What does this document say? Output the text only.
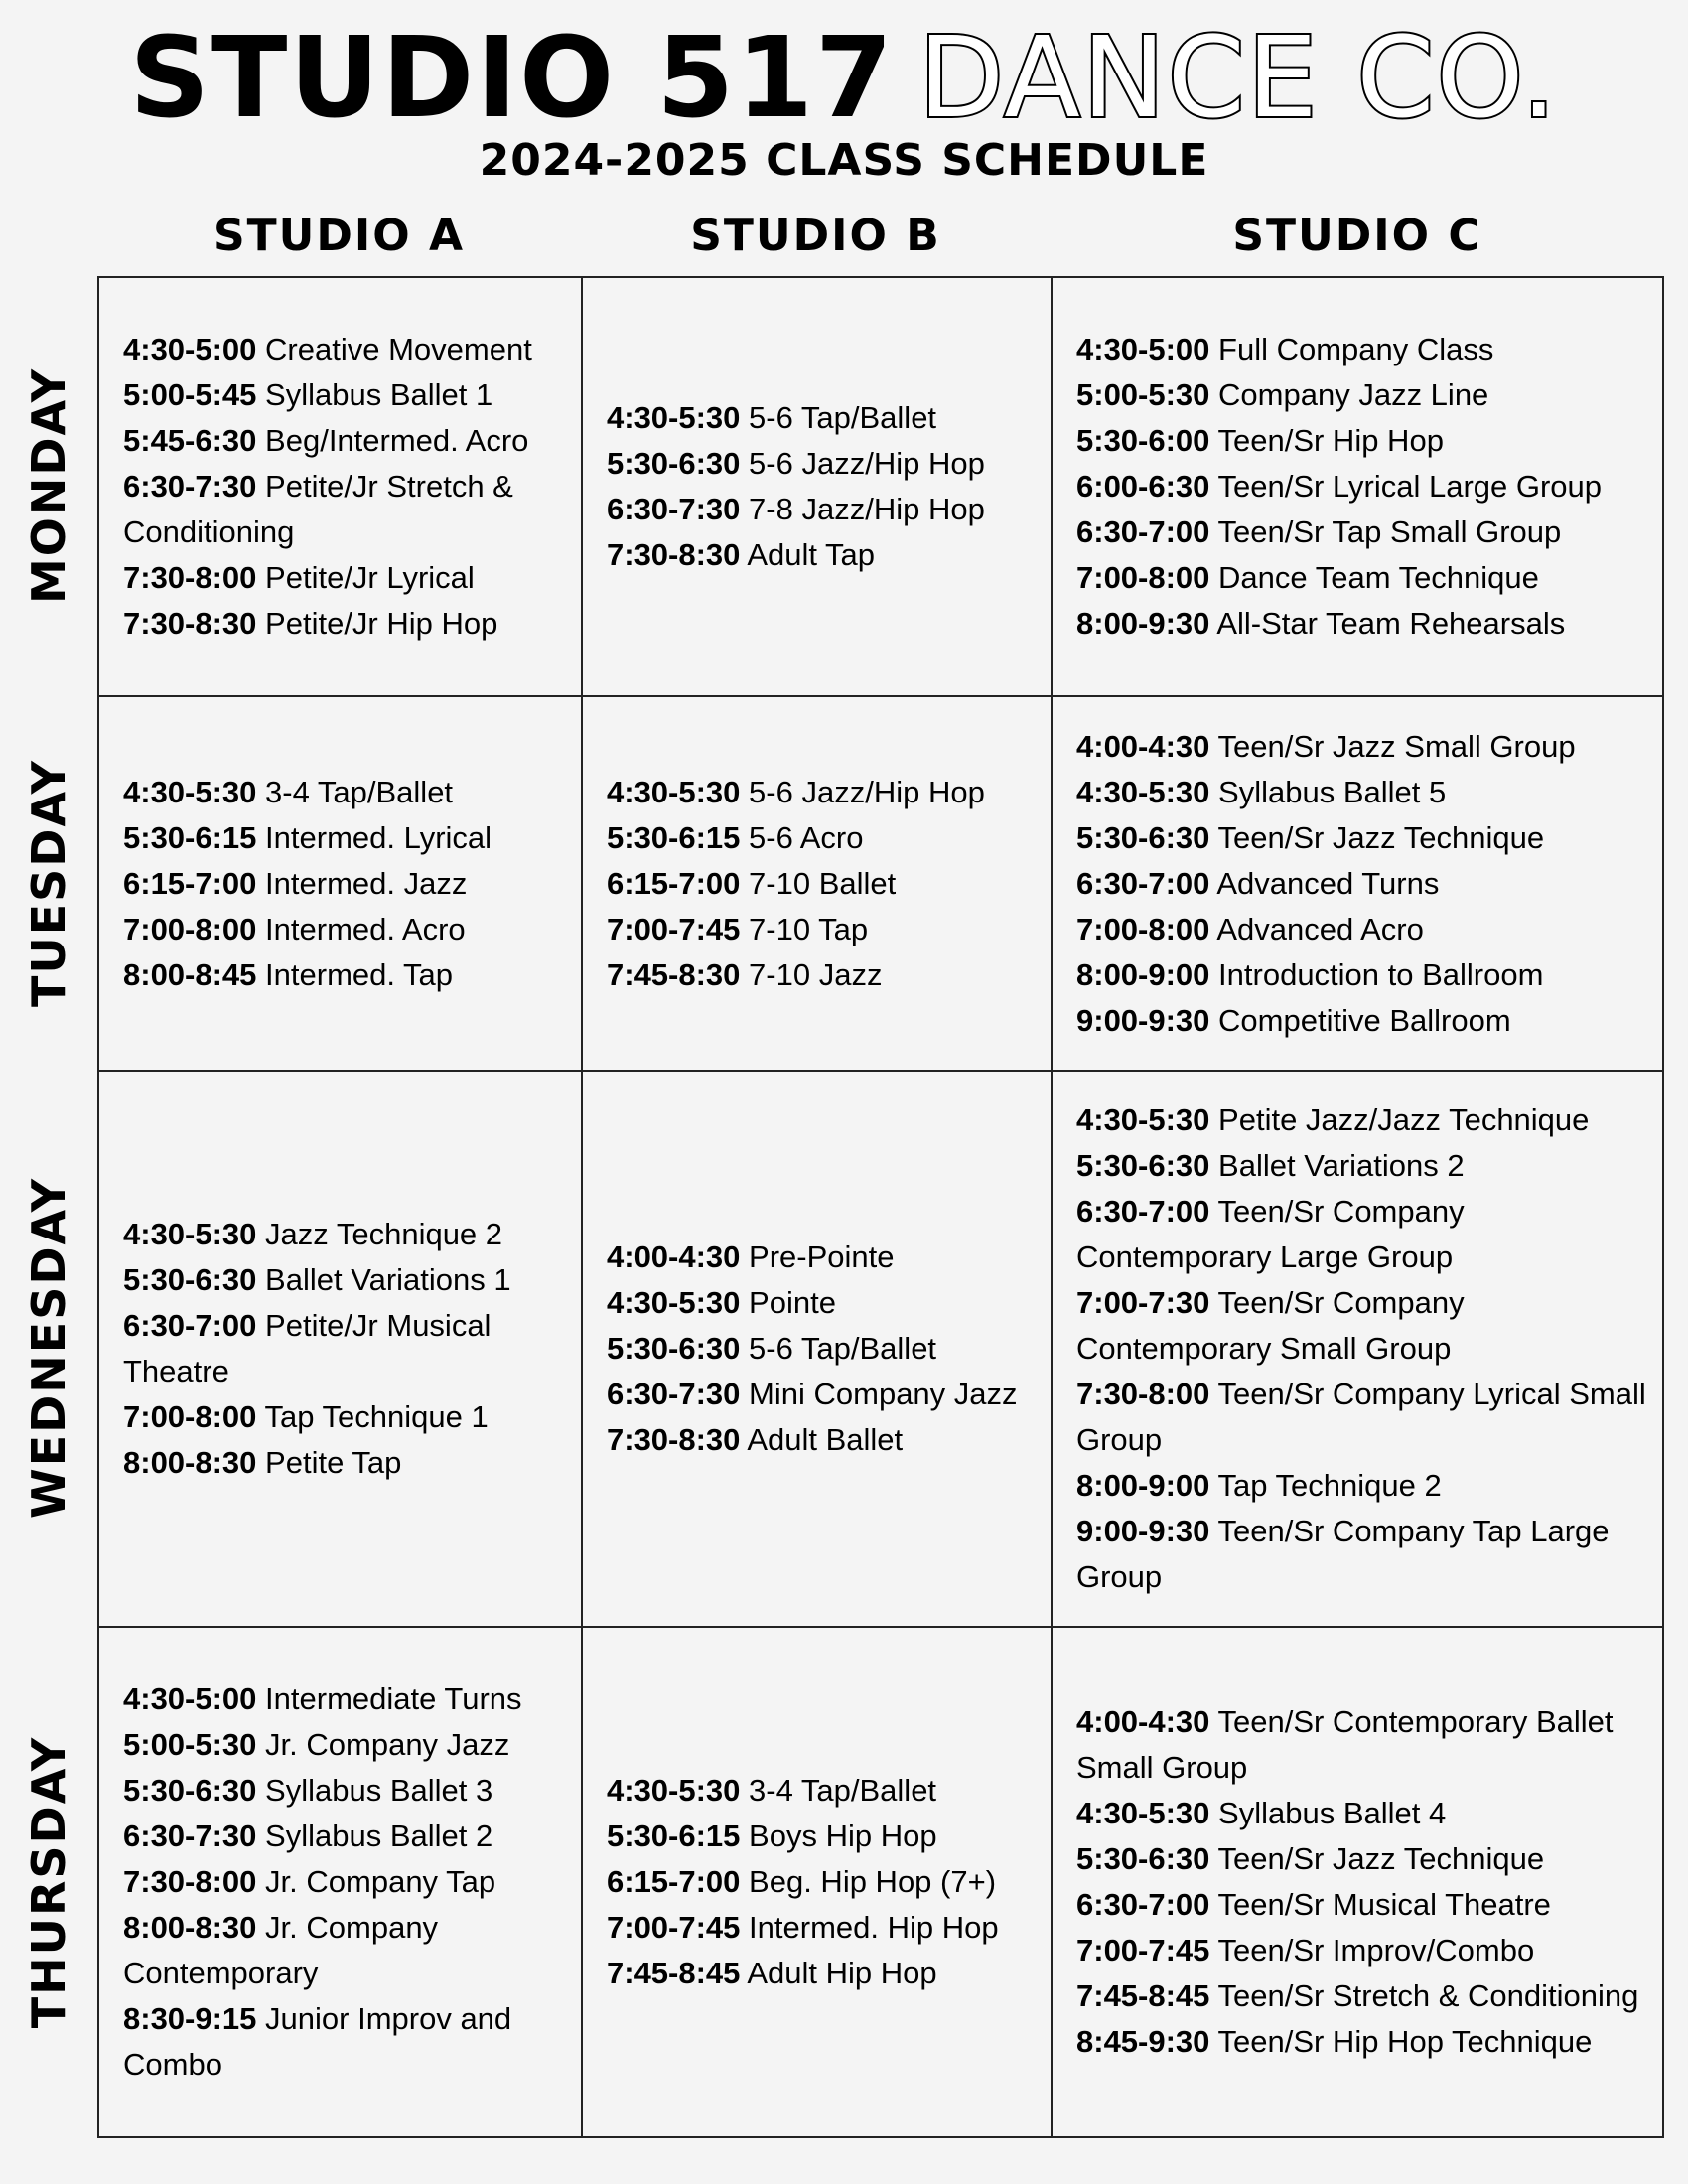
STUDIO 517 DANCE CO.
2024-2025 CLASS SCHEDULE
STUDIO A	STUDIO B	STUDIO C
MONDAY
TUESDAY
WEDNESDAY
THURSDAY
4:30-5:00 Creative Movement
5:00-5:45 Syllabus Ballet 1
5:45-6:30 Beg/Intermed. Acro
6:30-7:30 Petite/Jr Stretch & Conditioning
7:30-8:00 Petite/Jr Lyrical
7:30-8:30 Petite/Jr Hip Hop
4:30-5:30 5-6 Tap/Ballet
5:30-6:30 5-6 Jazz/Hip Hop
6:30-7:30 7-8 Jazz/Hip Hop
7:30-8:30 Adult Tap
4:30-5:00 Full Company Class
5:00-5:30 Company Jazz Line
5:30-6:00 Teen/Sr Hip Hop
6:00-6:30 Teen/Sr Lyrical Large Group
6:30-7:00 Teen/Sr Tap Small Group
7:00-8:00 Dance Team Technique
8:00-9:30 All-Star Team Rehearsals
4:30-5:30 3-4 Tap/Ballet
5:30-6:15 Intermed. Lyrical
6:15-7:00 Intermed. Jazz
7:00-8:00 Intermed. Acro
8:00-8:45 Intermed. Tap
4:30-5:30 5-6 Jazz/Hip Hop
5:30-6:15 5-6 Acro
6:15-7:00 7-10 Ballet
7:00-7:45 7-10 Tap
7:45-8:30 7-10 Jazz
4:00-4:30 Teen/Sr Jazz Small Group
4:30-5:30 Syllabus Ballet 5
5:30-6:30 Teen/Sr Jazz Technique
6:30-7:00 Advanced Turns
7:00-8:00 Advanced Acro
8:00-9:00 Introduction to Ballroom
9:00-9:30 Competitive Ballroom
4:30-5:30 Jazz Technique 2
5:30-6:30 Ballet Variations 1
6:30-7:00 Petite/Jr Musical Theatre
7:00-8:00 Tap Technique 1
8:00-8:30 Petite Tap
4:00-4:30 Pre-Pointe
4:30-5:30 Pointe
5:30-6:30 5-6 Tap/Ballet
6:30-7:30 Mini Company Jazz
7:30-8:30 Adult Ballet
4:30-5:30 Petite Jazz/Jazz Technique
5:30-6:30 Ballet Variations 2
6:30-7:00 Teen/Sr Company Contemporary Large Group
7:00-7:30 Teen/Sr Company Contemporary Small Group
7:30-8:00 Teen/Sr Company Lyrical Small Group
8:00-9:00 Tap Technique 2
9:00-9:30 Teen/Sr Company Tap Large Group
4:30-5:00 Intermediate Turns
5:00-5:30 Jr. Company Jazz
5:30-6:30 Syllabus Ballet 3
6:30-7:30 Syllabus Ballet 2
7:30-8:00 Jr. Company Tap
8:00-8:30 Jr. Company Contemporary
8:30-9:15 Junior Improv and Combo
4:30-5:30 3-4 Tap/Ballet
5:30-6:15 Boys Hip Hop
6:15-7:00 Beg. Hip Hop (7+)
7:00-7:45 Intermed. Hip Hop
7:45-8:45 Adult Hip Hop
4:00-4:30 Teen/Sr Contemporary Ballet Small Group
4:30-5:30 Syllabus Ballet 4
5:30-6:30 Teen/Sr Jazz Technique
6:30-7:00 Teen/Sr Musical Theatre
7:00-7:45 Teen/Sr Improv/Combo
7:45-8:45 Teen/Sr Stretch & Conditioning
8:45-9:30 Teen/Sr Hip Hop Technique
